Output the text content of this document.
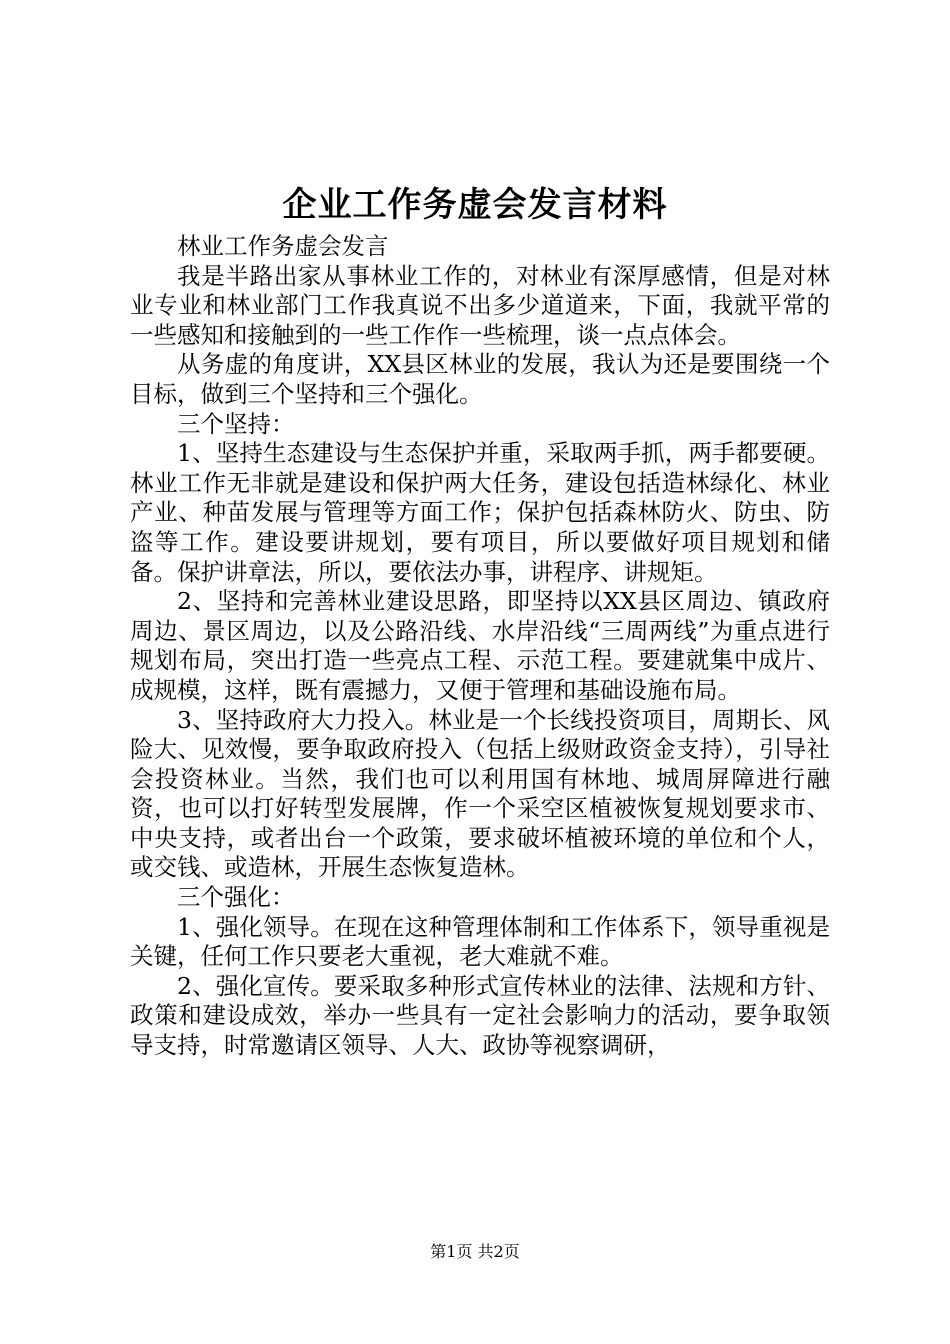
企业工作务虚会发言材料

林业工作务虚会发言

我是半路出家从事林业工作的，对林业有深厚感情，但是对林业专业和林业部门工作我真说不出多少道道来，下面，我就平常的一些感知和接触到的一些工作作一些梳理，谈一点点体会。

从务虚的角度讲，XX县区林业的发展，我认为还是要围绕一个目标，做到三个坚持和三个强化。

三个坚持：

1、坚持生态建设与生态保护并重，采取两手抓，两手都要硬。林业工作无非就是建设和保护两大任务，建设包括造林绿化、林业产业、种苗发展与管理等方面工作；保护包括森林防火、防虫、防盗等工作。建设要讲规划，要有项目，所以要做好项目规划和储备。保护讲章法，所以，要依法办事，讲程序、讲规矩。

2、坚持和完善林业建设思路，即坚持以XX县区周边、镇政府周边、景区周边，以及公路沿线、水岸沿线“三周两线”为重点进行规划布局，突出打造一些亮点工程、示范工程。要建就集中成片、成规模，这样，既有震撼力，又便于管理和基础设施布局。

3、坚持政府大力投入。林业是一个长线投资项目，周期长、风险大、见效慢，要争取政府投入（包括上级财政资金支持），引导社会投资林业。当然，我们也可以利用国有林地、城周屏障进行融资，也可以打好转型发展牌，作一个采空区植被恢复规划要求市、中央支持，或者出台一个政策，要求破坏植被环境的单位和个人，或交钱、或造林，开展生态恢复造林。

三个强化：

1、强化领导。在现在这种管理体制和工作体系下，领导重视是关键，任何工作只要老大重视，老大难就不难。

2、强化宣传。要采取多种形式宣传林业的法律、法规和方针、政策和建设成效，举办一些具有一定社会影响力的活动，要争取领导支持，时常邀请区领导、人大、政协等视察调研，

第1页 共2页
